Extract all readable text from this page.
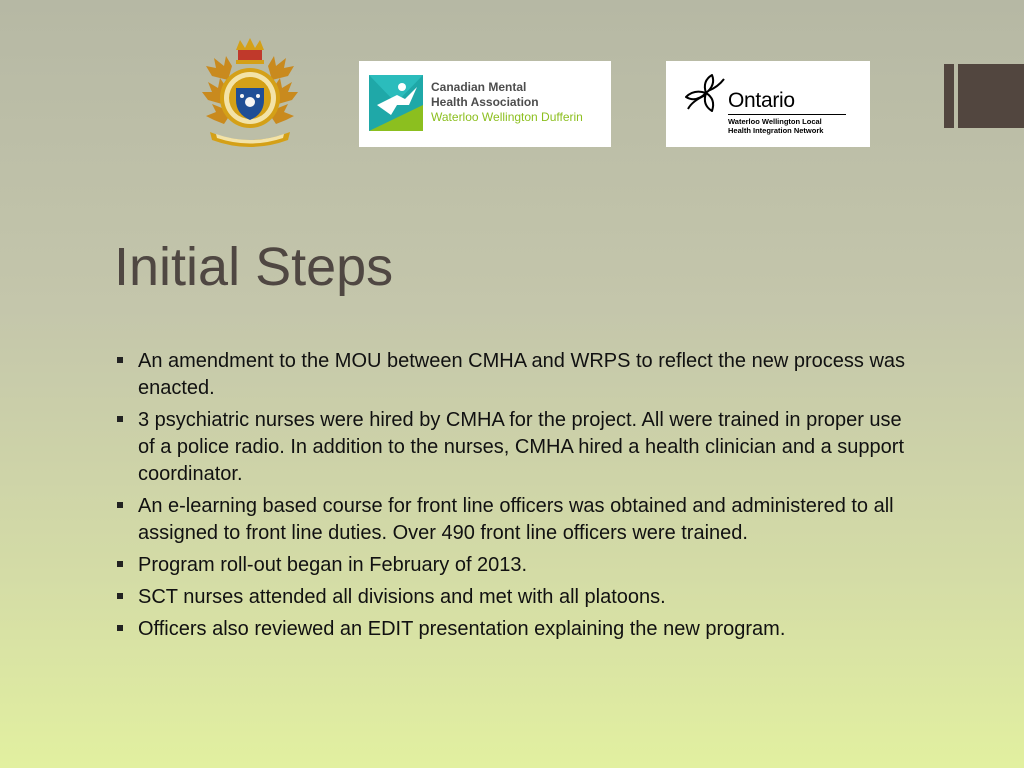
Canadian Mental
Health Association
Waterloo Wellington Dufferin
Ontario
Waterloo Wellington Local
Health Integration Network
Initial Steps
An amendment to the MOU between CMHA and WRPS to reflect the new process was enacted.
3 psychiatric nurses were hired by CMHA for the project. All were trained in proper use of a police radio. In addition to the nurses, CMHA hired a health clinician and a support coordinator.
An e-learning based course for front line officers was obtained and administered to all assigned to front line duties. Over 490 front line officers were trained.
Program roll-out began in February of 2013.
SCT nurses attended all divisions and met with all platoons.
Officers also reviewed an EDIT presentation explaining the new program.
